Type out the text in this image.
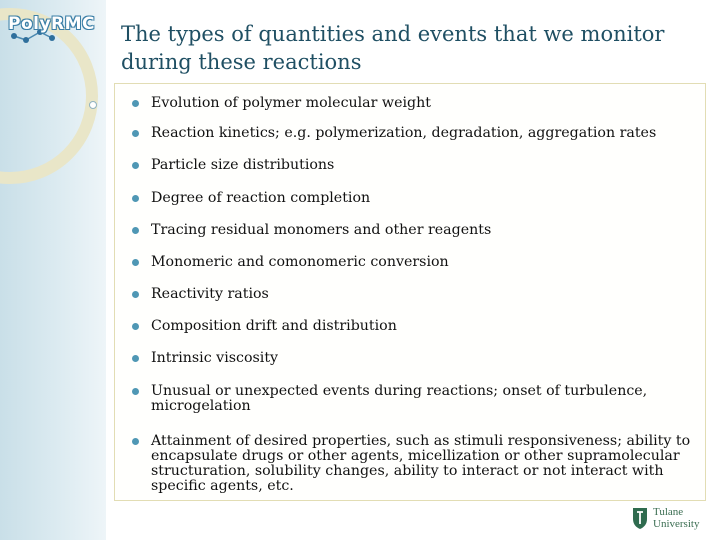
PolyRMC The types of quantities and events that we monitor during these reactions
Evolution of polymer molecular weight
Reaction kinetics; e.g. polymerization, degradation, aggregation rates
Particle size distributions
Degree of reaction completion
Tracing residual monomers and other reagents
Monomeric and comonomeric conversion
Reactivity ratios
Composition drift and distribution
Intrinsic viscosity
Unusual or unexpected events during reactions; onset of turbulence, microgelation
Attainment of desired properties, such as stimuli responsiveness; ability to encapsulate drugs or other agents, micellization or other supramolecular structuration, solubility changes, ability to interact or not interact with specific agents, etc.
Tulane
University
